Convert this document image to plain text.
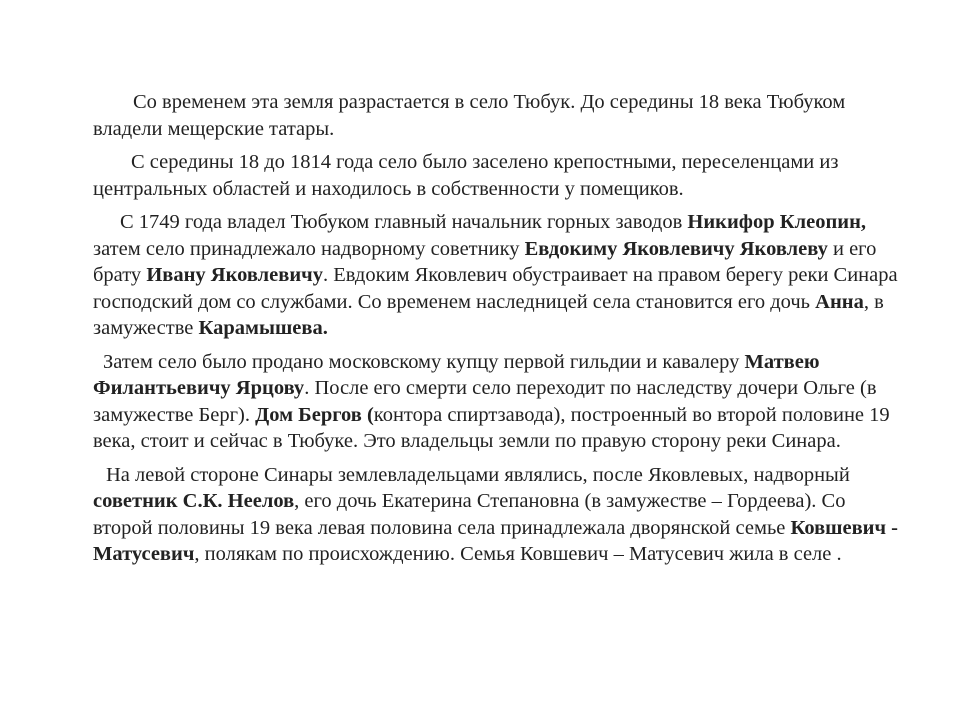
Со временем эта земля разрастается в село Тюбук. До середины 18 века Тюбуком владели мещерские татары.

С середины 18 до 1814 года село было заселено крепостными, переселенцами из центральных областей и находилось в собственности у помещиков.

С 1749 года владел Тюбуком главный начальник горных заводов Никифор Клеопин, затем село принадлежало надворному советнику Евдокиму Яковлевичу Яковлеву и его брату Ивану Яковлевичу. Евдоким Яковлевич обустраивает на правом берегу реки Синара господский дом со службами. Со временем наследницей села становится его дочь Анна, в замужестве Карамышева.

Затем село было продано московскому купцу первой гильдии и кавалеру Матвею Филантьевичу Ярцову. После его смерти село переходит по наследству дочери Ольге (в замужестве Берг). Дом Бергов (контора спиртзавода), построенный во второй половине 19 века, стоит и сейчас в Тюбуке. Это владельцы земли по правую сторону реки Синара.

На левой стороне Синары землевладельцами являлись, после Яковлевых, надворный советник С.К. Неелов, его дочь Екатерина Степановна (в замужестве – Гордеева). Со второй половины 19 века левая половина села принадлежала дворянской семье Ковшевич - Матусевич, полякам по происхождению. Семья Ковшевич – Матусевич жила в селе .
